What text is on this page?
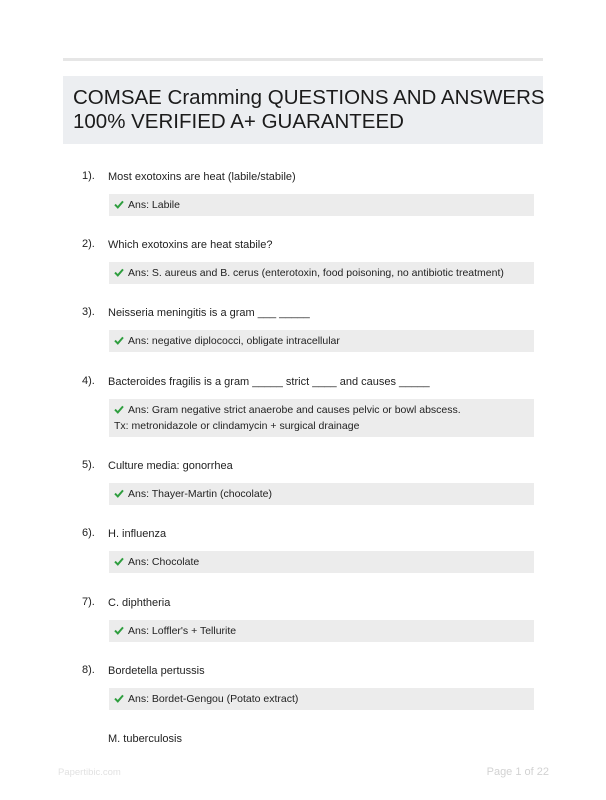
COMSAE Cramming QUESTIONS AND ANSWERS
100% VERIFIED A+ GUARANTEED
1). Most exotoxins are heat (labile/stabile)
Ans: Labile
2). Which exotoxins are heat stabile?
Ans: S. aureus and B. cerus (enterotoxin, food poisoning, no antibiotic treatment)
3). Neisseria meningitis is a gram ___ _____
Ans: negative diplococci, obligate intracellular
4). Bacteroides fragilis is a gram _____ strict ____ and causes _____
Ans: Gram negative strict anaerobe and causes pelvic or bowl abscess.
Tx: metronidazole or clindamycin + surgical drainage
5). Culture media: gonorrhea
Ans: Thayer-Martin (chocolate)
6). H. influenza
Ans: Chocolate
7). C. diphtheria
Ans: Loffler's + Tellurite
8). Bordetella pertussis
Ans: Bordet-Gengou (Potato extract)
M. tuberculosis
Papertibic.com	Page 1 of 22
